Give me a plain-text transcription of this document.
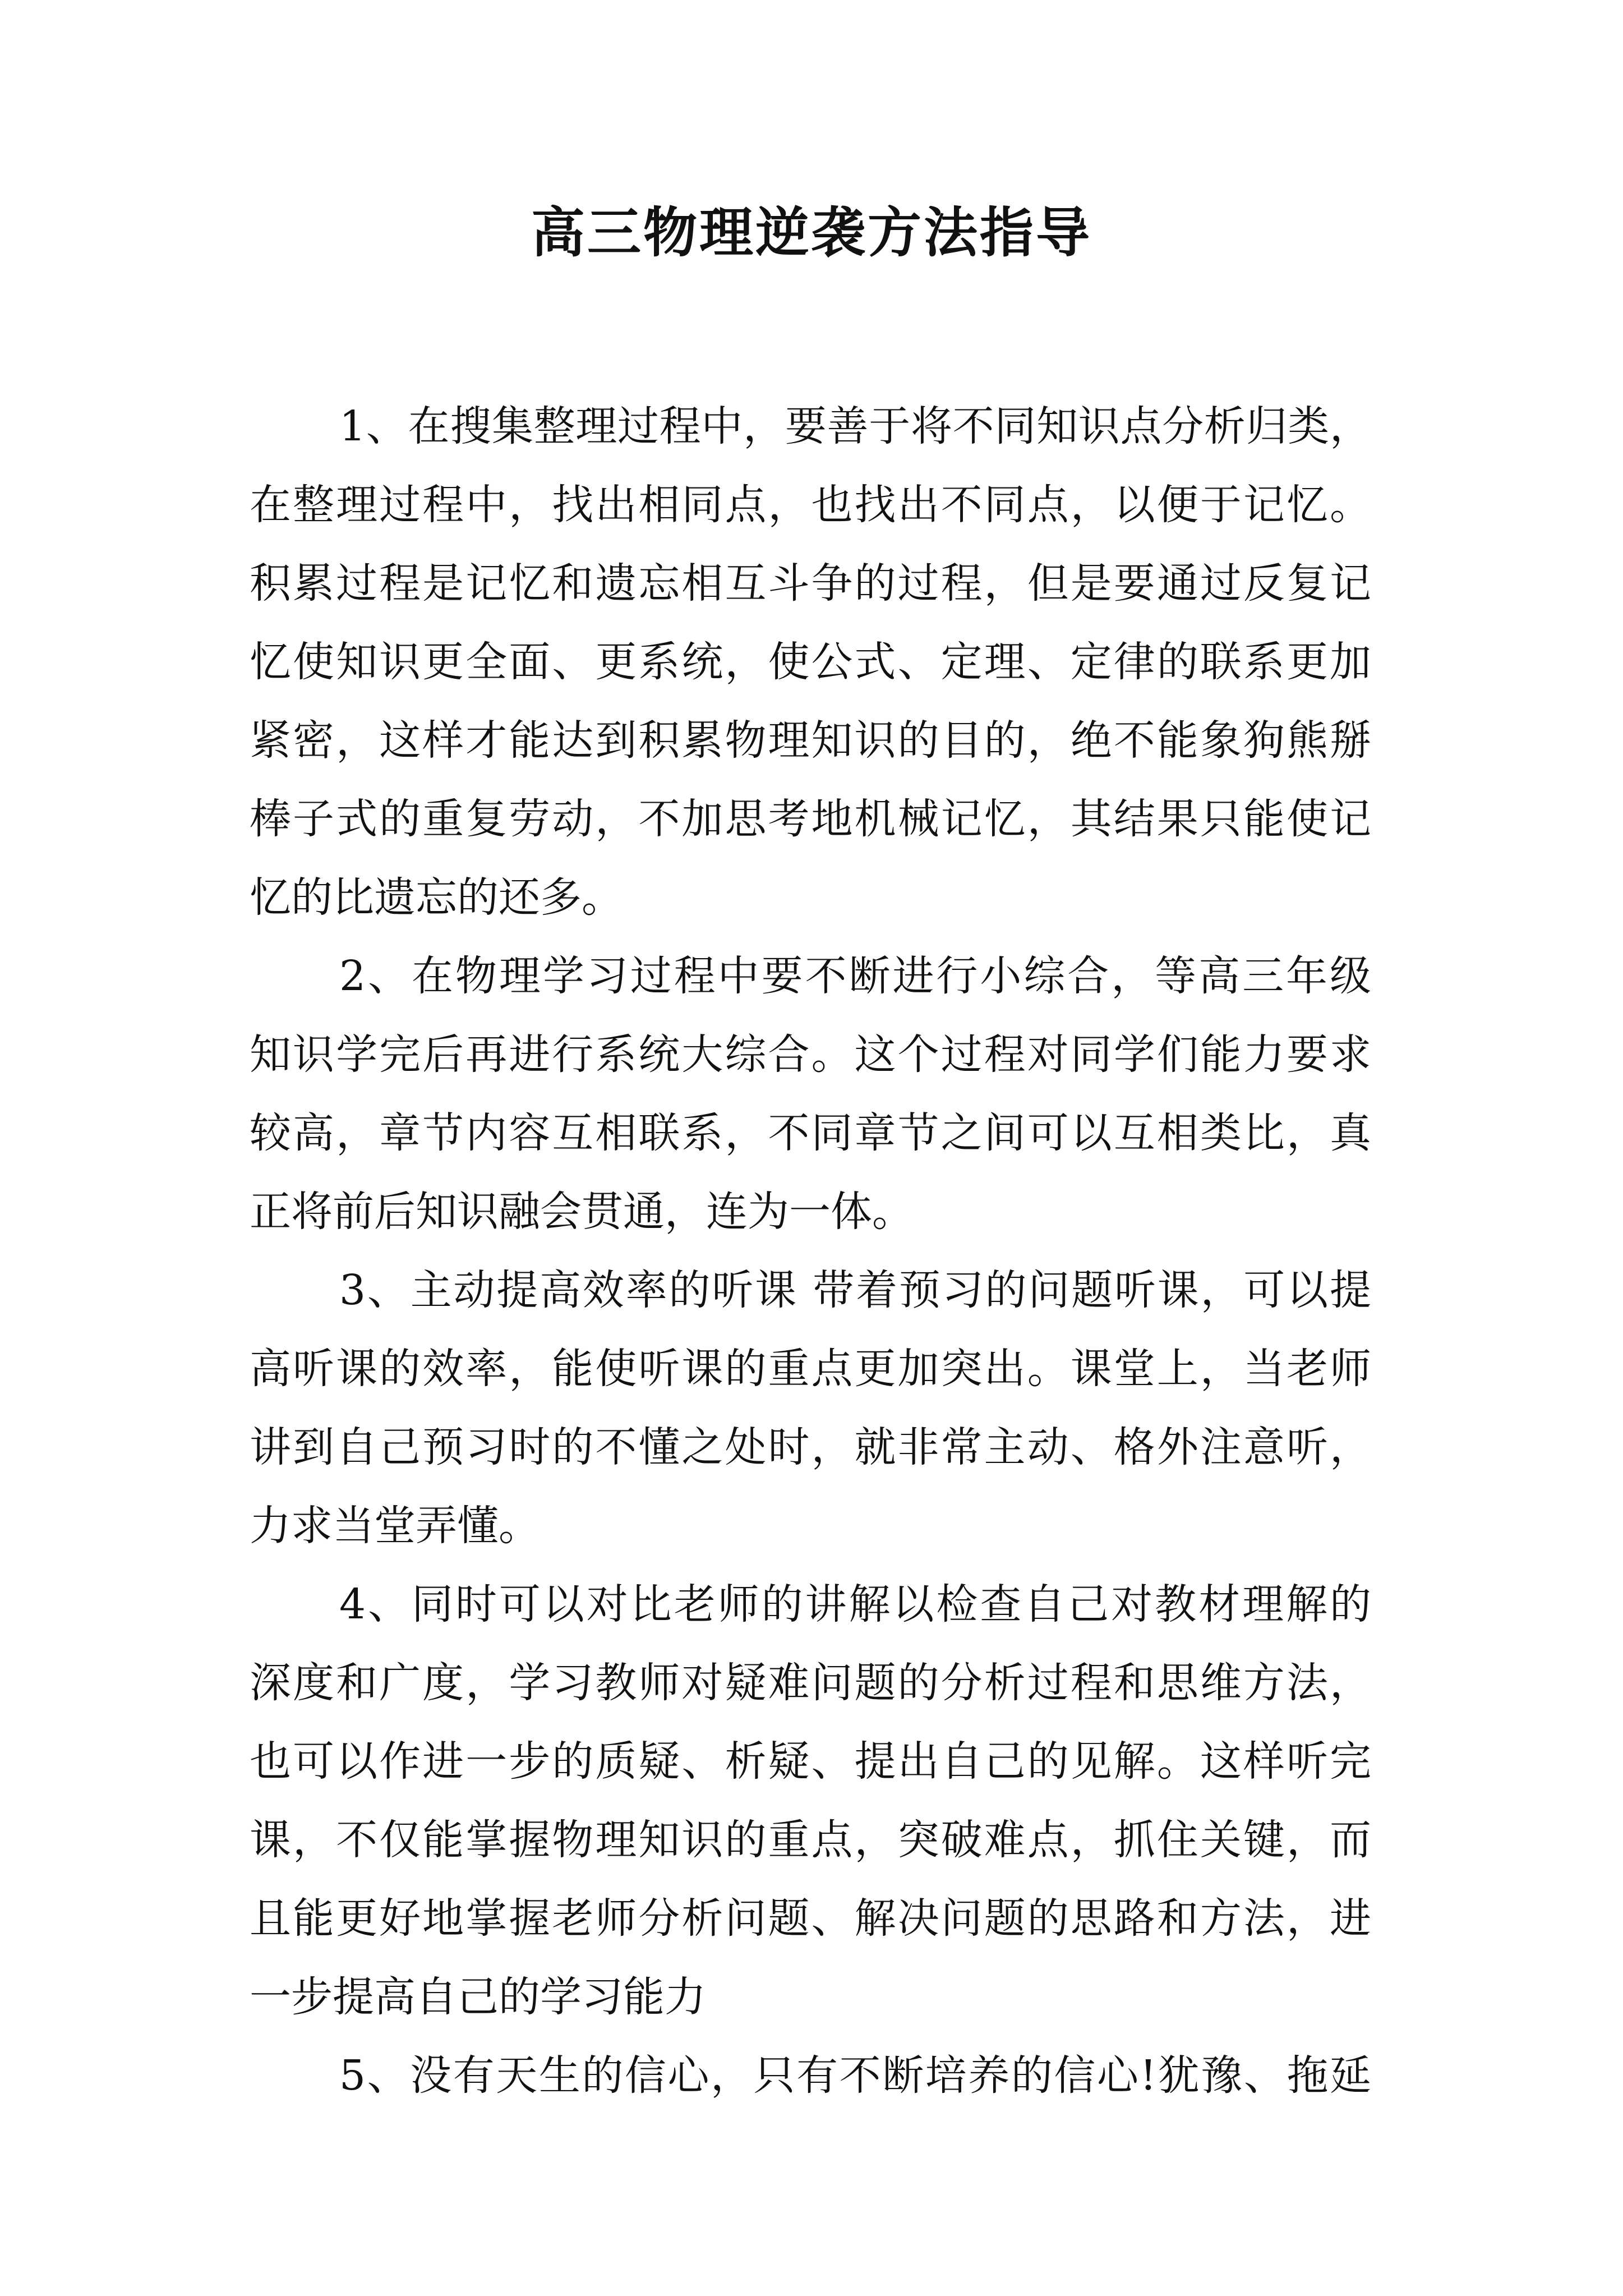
高三物理逆袭方法指导
1、在搜集整理过程中，要善于将不同知识点分析归类，
在整理过程中，找出相同点，也找出不同点，以便于记忆。
积累过程是记忆和遗忘相互斗争的过程，但是要通过反复记
忆使知识更全面、更系统，使公式、定理、定律的联系更加
紧密，这样才能达到积累物理知识的目的，绝不能象狗熊掰
棒子式的重复劳动，不加思考地机械记忆，其结果只能使记
忆的比遗忘的还多。
2、在物理学习过程中要不断进行小综合，等高三年级
知识学完后再进行系统大综合。这个过程对同学们能力要求
较高，章节内容互相联系，不同章节之间可以互相类比，真
正将前后知识融会贯通，连为一体。
3、主动提高效率的听课 带着预习的问题听课，可以提
高听课的效率，能使听课的重点更加突出。课堂上，当老师
讲到自己预习时的不懂之处时，就非常主动、格外注意听，
力求当堂弄懂。
4、同时可以对比老师的讲解以检查自己对教材理解的
深度和广度，学习教师对疑难问题的分析过程和思维方法，
也可以作进一步的质疑、析疑、提出自己的见解。这样听完
课，不仅能掌握物理知识的重点，突破难点，抓住关键，而
且能更好地掌握老师分析问题、解决问题的思路和方法，进
一步提高自己的学习能力
5、没有天生的信心，只有不断培养的信心!犹豫、拖延
